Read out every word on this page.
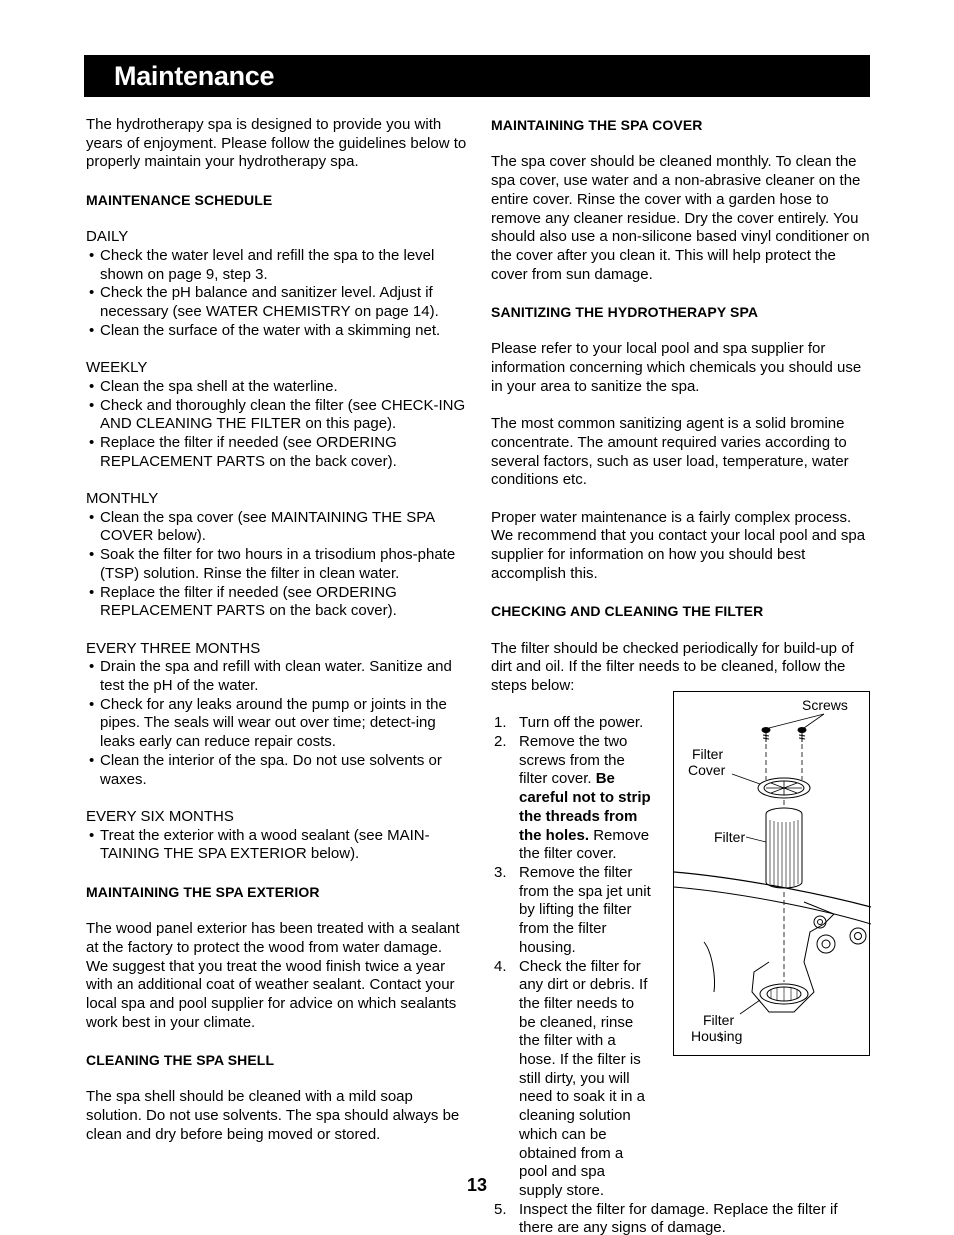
Maintenance

The hydrotherapy spa is designed to provide you with years of enjoyment. Please follow the guidelines below to properly maintain your hydrotherapy spa.

MAINTENANCE SCHEDULE
DAILY
• Check the water level and refill the spa to the level shown on page 9, step 3.
• Check the pH balance and sanitizer level. Adjust if necessary (see WATER CHEMISTRY on page 14).
• Clean the surface of the water with a skimming net.
WEEKLY
• Clean the spa shell at the waterline.
• Check and thoroughly clean the filter (see CHECK-ING AND CLEANING THE FILTER on this page).
• Replace the filter if needed (see ORDERING REPLACEMENT PARTS on the back cover).
MONTHLY
• Clean the spa cover (see MAINTAINING THE SPA COVER below).
• Soak the filter for two hours in a trisodium phos-phate (TSP) solution. Rinse the filter in clean water.
• Replace the filter if needed (see ORDERING REPLACEMENT PARTS on the back cover).
EVERY THREE MONTHS
• Drain the spa and refill with clean water. Sanitize and test the pH of the water.
• Check for any leaks around the pump or joints in the pipes. The seals will wear out over time; detect-ing leaks early can reduce repair costs.
• Clean the interior of the spa. Do not use solvents or waxes.
EVERY SIX MONTHS
• Treat the exterior with a wood sealant (see MAIN-TAINING THE SPA EXTERIOR below).
MAINTAINING THE SPA EXTERIOR

The wood panel exterior has been treated with a sealant at the factory to protect the wood from water damage. We suggest that you treat the wood finish twice a year with an additional coat of weather sealant. Contact your local spa and pool supplier for advice on which sealants work best in your climate.

CLEANING THE SPA SHELL

The spa shell should be cleaned with a mild soap solution. Do not use solvents. The spa should always be clean and dry before being moved or stored.

MAINTAINING THE SPA COVER

The spa cover should be cleaned monthly. To clean the spa cover, use water and a non-abrasive cleaner on the entire cover. Rinse the cover with a garden hose to remove any cleaner residue. Dry the cover entirely. You should also use a non-silicone based vinyl conditioner on the cover after you clean it. This will help protect the cover from sun damage.

SANITIZING THE HYDROTHERAPY SPA

Please refer to your local pool and spa supplier for information concerning which chemicals you should use in your area to sanitize the spa.

The most common sanitizing agent is a solid bromine concentrate. The amount required varies according to several factors, such as user load, temperature, water conditions etc.

Proper water maintenance is a fairly complex process. We recommend that you contact your local pool and spa supplier for information on how you should best accomplish this.

CHECKING AND CLEANING THE FILTER

The filter should be checked periodically for build-up of dirt and oil. If the filter needs to be cleaned, follow the steps below:

1. Turn off the power.
2. Remove the two screws from the filter cover. Be careful not to strip the threads from the holes. Remove the filter cover.
3. Remove the filter from the spa jet unit by lifting the filter from the filter housing.
4. Check the filter for any dirt or debris. If the filter needs to be cleaned, rinse the filter with a hose. If the filter is still dirty, you will need to soak it in a cleaning solution which can be obtained from a pool and spa supply store.
5. Inspect the filter for damage. Replace the filter if there are any signs of damage.
Screws
Filter
Cover
Filter
Filter
Housing
13
